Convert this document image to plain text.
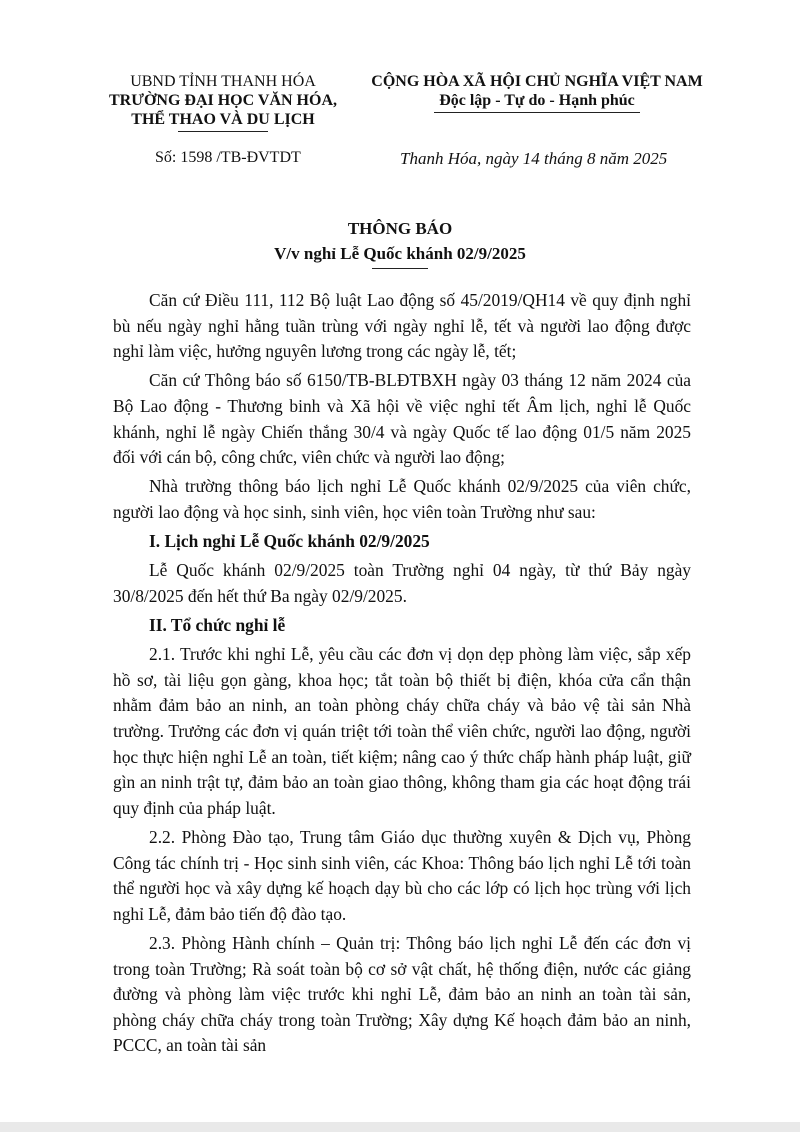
UBND TỈNH THANH HÓA
TRƯỜNG ĐẠI HỌC VĂN HÓA,
THỂ THAO VÀ DU LỊCH
CỘNG HÒA XÃ HỘI CHỦ NGHĨA VIỆT NAM
Độc lập - Tự do - Hạnh phúc
Số: 1598 /TB-ĐVTDT	Thanh Hóa, ngày 14 tháng 8 năm 2025
THÔNG BÁO
V/v nghỉ Lễ Quốc khánh 02/9/2025

Căn cứ Điều 111, 112 Bộ luật Lao động số 45/2019/QH14 về quy định nghỉ bù nếu ngày nghỉ hằng tuần trùng với ngày nghỉ lễ, tết và người lao động được nghỉ làm việc, hưởng nguyên lương trong các ngày lễ, tết;

Căn cứ Thông báo số 6150/TB-BLĐTBXH ngày 03 tháng 12 năm 2024 của Bộ Lao động - Thương binh và Xã hội về việc nghỉ tết Âm lịch, nghỉ lễ Quốc khánh, nghỉ lễ ngày Chiến thắng 30/4 và ngày Quốc tế lao động 01/5 năm 2025 đối với cán bộ, công chức, viên chức và người lao động;

Nhà trường thông báo lịch nghỉ Lễ Quốc khánh 02/9/2025 của viên chức, người lao động và học sinh, sinh viên, học viên toàn Trường như sau:

I. Lịch nghỉ Lễ Quốc khánh 02/9/2025

Lễ Quốc khánh 02/9/2025 toàn Trường nghỉ 04 ngày, từ thứ Bảy ngày 30/8/2025 đến hết thứ Ba ngày 02/9/2025.

II. Tổ chức nghỉ lễ

2.1. Trước khi nghỉ Lễ, yêu cầu các đơn vị dọn dẹp phòng làm việc, sắp xếp hồ sơ, tài liệu gọn gàng, khoa học; tắt toàn bộ thiết bị điện, khóa cửa cẩn thận nhằm đảm bảo an ninh, an toàn phòng cháy chữa cháy và bảo vệ tài sản Nhà trường. Trưởng các đơn vị quán triệt tới toàn thể viên chức, người lao động, người học thực hiện nghỉ Lễ an toàn, tiết kiệm; nâng cao ý thức chấp hành pháp luật, giữ gìn an ninh trật tự, đảm bảo an toàn giao thông, không tham gia các hoạt động trái quy định của pháp luật.

2.2. Phòng Đào tạo, Trung tâm Giáo dục thường xuyên & Dịch vụ, Phòng Công tác chính trị - Học sinh sinh viên, các Khoa: Thông báo lịch nghỉ Lễ tới toàn thể người học và xây dựng kế hoạch dạy bù cho các lớp có lịch học trùng với lịch nghỉ Lễ, đảm bảo tiến độ đào tạo.

2.3. Phòng Hành chính – Quản trị: Thông báo lịch nghỉ Lễ đến các đơn vị trong toàn Trường; Rà soát toàn bộ cơ sở vật chất, hệ thống điện, nước các giảng đường và phòng làm việc trước khi nghỉ Lễ, đảm bảo an ninh an toàn tài sản, phòng cháy chữa cháy trong toàn Trường; Xây dựng Kế hoạch đảm bảo an ninh, PCCC, an toàn tài sản
